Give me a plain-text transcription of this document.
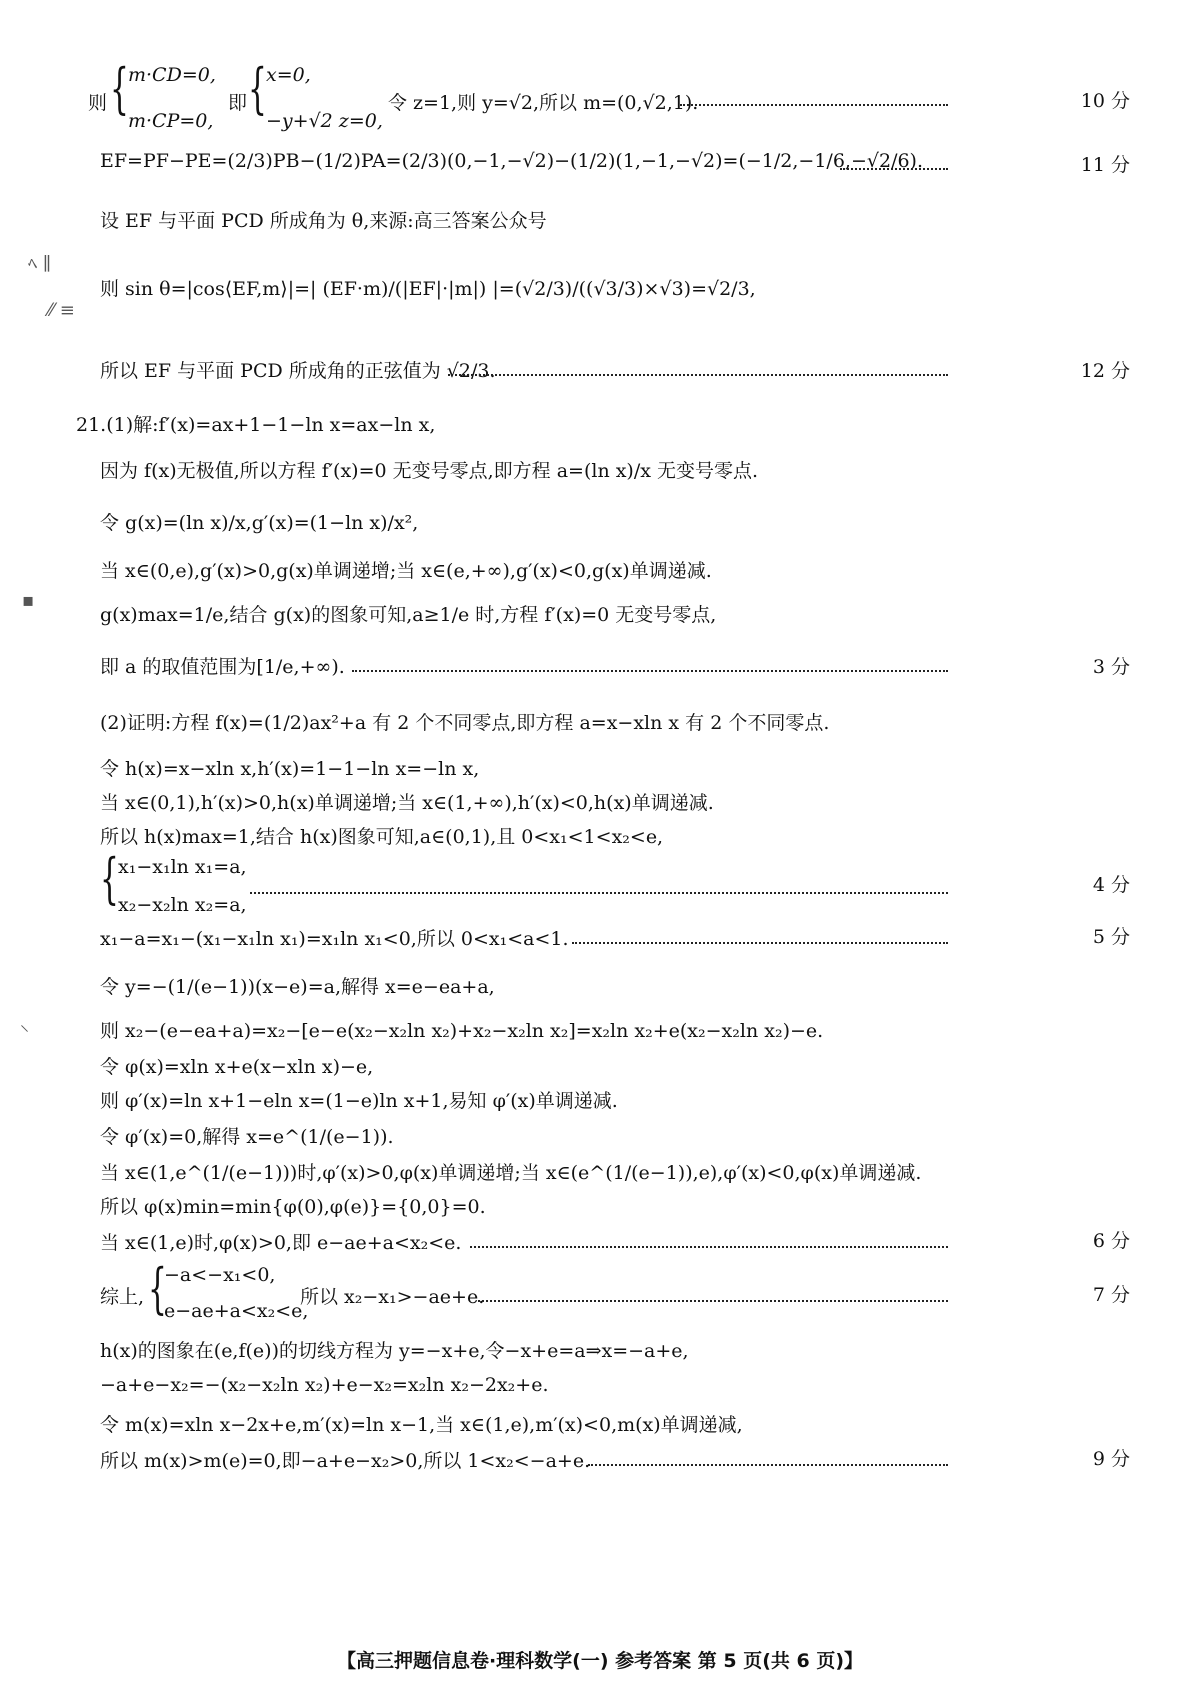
则 { m·CD=0,
m·CP=0,
即 { x=0,
−y+√2 z=0,
令 z=1,则 y=√2,所以 m=(0,√2,1).	10 分
EF=PF−PE=(2/3)PB−(1/2)PA=(2/3)(0,−1,−√2)−(1/2)(1,−1,−√2)=(−1/2,−1/6,−√2/6).	11 分
设 EF 与平面 PCD 所成角为 θ,来源:高三答案公众号
ﾍ ∥
⁄⁄ ≡
⸌
▪
则 sin θ=|cos⟨EF,m⟩|=| (EF·m)/(|EF|·|m|) |=(√2/3)/((√3/3)×√3)=√2/3,
所以 EF 与平面 PCD 所成角的正弦值为 √2/3.	12 分
21.(1)解:f′(x)=ax+1−1−ln x=ax−ln x,
因为 f(x)无极值,所以方程 f′(x)=0 无变号零点,即方程 a=(ln x)/x 无变号零点.
令 g(x)=(ln x)/x,g′(x)=(1−ln x)/x²,
当 x∈(0,e),g′(x)>0,g(x)单调递增;当 x∈(e,+∞),g′(x)<0,g(x)单调递减.
g(x)max=1/e,结合 g(x)的图象可知,a≥1/e 时,方程 f′(x)=0 无变号零点,
即 a 的取值范围为[1/e,+∞).	3 分
(2)证明:方程 f(x)=(1/2)ax²+a 有 2 个不同零点,即方程 a=x−xln x 有 2 个不同零点.
令 h(x)=x−xln x,h′(x)=1−1−ln x=−ln x,
当 x∈(0,1),h′(x)>0,h(x)单调递增;当 x∈(1,+∞),h′(x)<0,h(x)单调递减.
所以 h(x)max=1,结合 h(x)图象可知,a∈(0,1),且 0<x₁<1<x₂<e,
{ x₁−x₁ln x₁=a,
x₂−x₂ln x₂=a,
4 分
x₁−a=x₁−(x₁−x₁ln x₁)=x₁ln x₁<0,所以 0<x₁<a<1.	5 分
令 y=−(1/(e−1))(x−e)=a,解得 x=e−ea+a,
则 x₂−(e−ea+a)=x₂−[e−e(x₂−x₂ln x₂)+x₂−x₂ln x₂]=x₂ln x₂+e(x₂−x₂ln x₂)−e.
令 φ(x)=xln x+e(x−xln x)−e,
则 φ′(x)=ln x+1−eln x=(1−e)ln x+1,易知 φ′(x)单调递减.
令 φ′(x)=0,解得 x=e^(1/(e−1)).
当 x∈(1,e^(1/(e−1)))时,φ′(x)>0,φ(x)单调递增;当 x∈(e^(1/(e−1)),e),φ′(x)<0,φ(x)单调递减.
所以 φ(x)min=min{φ(0),φ(e)}={0,0}=0.
当 x∈(1,e)时,φ(x)>0,即 e−ae+a<x₂<e.	6 分
综上, {
−a<−x₁<0,
e−ae+a<x₂<e,
所以 x₂−x₁>−ae+e.	7 分
h(x)的图象在(e,f(e))的切线方程为 y=−x+e,令−x+e=a⇒x=−a+e,
−a+e−x₂=−(x₂−x₂ln x₂)+e−x₂=x₂ln x₂−2x₂+e.
令 m(x)=xln x−2x+e,m′(x)=ln x−1,当 x∈(1,e),m′(x)<0,m(x)单调递减,
所以 m(x)>m(e)=0,即−a+e−x₂>0,所以 1<x₂<−a+e.	9 分
【高三押题信息卷·理科数学(一) 参考答案 第 5 页(共 6 页)】
